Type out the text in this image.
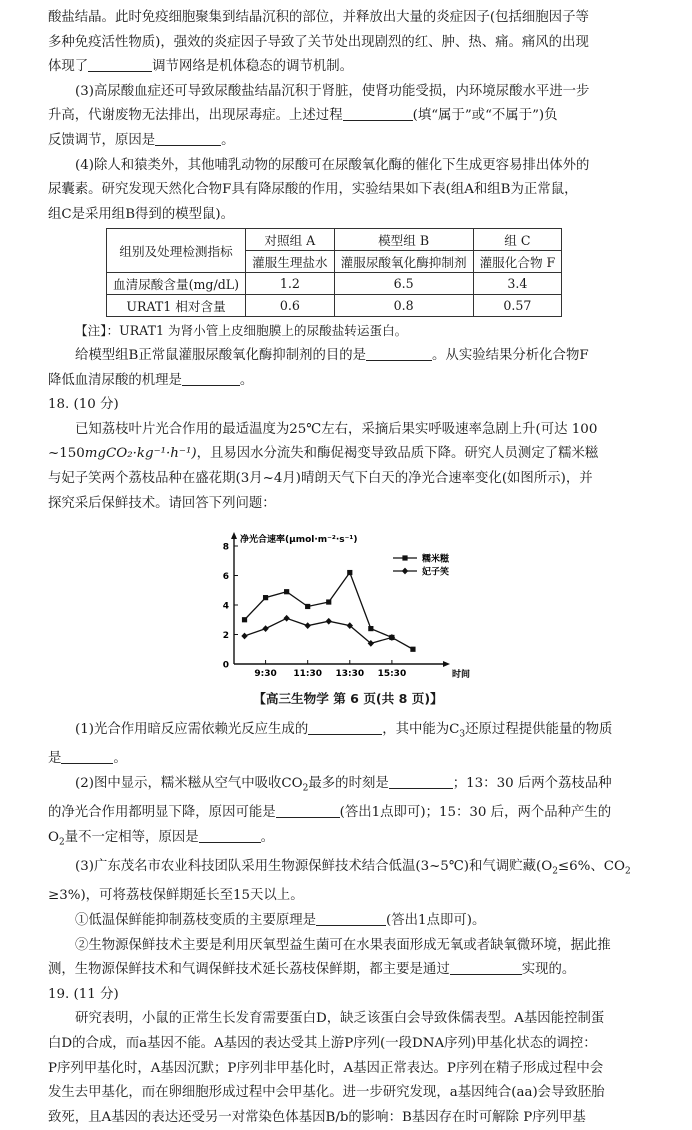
酸盐结晶。此时免疫细胞聚集到结晶沉积的部位，并释放出大量的炎症因子(包括细胞因子等

多种免疫活性物质)，强效的炎症因子导致了关节处出现剧烈的红、肿、热、痛。痛风的出现

体现了	调节网络是机体稳态的调节机制。

(3)高尿酸血症还可导致尿酸盐结晶沉积于肾脏，使肾功能受损，内环境尿酸水平进一步

升高，代谢废物无法排出，出现尿毒症。上述过程	(填“属于”或“不属于”)负

反馈调节，原因是	。

(4)除人和猿类外，其他哺乳动物的尿酸可在尿酸氧化酶的催化下生成更容易排出体外的

尿囊素。研究发现天然化合物F具有降尿酸的作用，实验结果如下表(组A和组B为正常鼠，

组C是采用组B得到的模型鼠)。

组别及处理检测指标	对照组 A	模型组 B	组 C
	灌服生理盐水	灌服尿酸氧化酶抑制剂	灌服化合物 F
血清尿酸含量(mg/dL)	1.2	6.5	3.4
URAT1 相对含量	0.6	0.8	0.57

【注】：URAT1 为肾小管上皮细胞膜上的尿酸盐转运蛋白。

给模型组B正常鼠灌服尿酸氧化酶抑制剂的目的是	。从实验结果分析化合物F

降低血清尿酸的机理是	。

18. (10 分)

已知荔枝叶片光合作用的最适温度为25℃左右，采摘后果实呼吸速率急剧上升(可达 100

~150mgCO₂·kg⁻¹·h⁻¹)，且易因水分流失和酶促褐变导致品质下降。研究人员测定了糯米糍

与妃子笑两个荔枝品种在盛花期(3月~4月)晴朗天气下白天的净光合速率变化(如图所示)，并

探究采后保鲜技术。请回答下列问题：

0
2
4
6
8
9:30 11:30 13:30 15:30	时间
净光合速率(μmol·m⁻²·s⁻¹)
糯米糍
妃子笑
【高三生物学 第 6 页(共 8 页)】

(1)光合作用暗反应需依赖光反应生成的	，其中能为$C_3$还原过程提供能量的物质

是	。

(2)图中显示，糯米糍从空气中吸收$CO_2$最多的时刻是	；13：30 后两个荔枝品种

的净光合作用都明显下降，原因可能是	(答出1点即可)；15：30 后，两个品种产生的

$O_2$量不一定相等，原因是	。

(3)广东茂名市农业科技团队采用生物源保鲜技术结合低温(3~5℃)和气调贮藏($O_2\le 6\%$、$CO_2$

≥3%)，可将荔枝保鲜期延长至15天以上。

①低温保鲜能抑制荔枝变质的主要原理是	(答出1点即可)。

②生物源保鲜技术主要是利用厌氧型益生菌可在水果表面形成无氧或者缺氧微环境，据此推

测，生物源保鲜技术和气调保鲜技术延长荔枝保鲜期，都主要是通过	实现的。

19. (11 分)

研究表明，小鼠的正常生长发育需要蛋白D，缺乏该蛋白会导致侏儒表型。A基因能控制蛋

白D的合成，而a基因不能。A基因的表达受其上游P序列(一段DNA序列)甲基化状态的调控：

P序列甲基化时，A基因沉默；P序列非甲基化时，A基因正常表达。P序列在精子形成过程中会

发生去甲基化，而在卵细胞形成过程中会甲基化。进一步研究发现，a基因纯合(aa)会导致胚胎

致死，且A基因的表达还受另一对常染色体基因B/b的影响：B基因存在时可解除 P序列甲基
